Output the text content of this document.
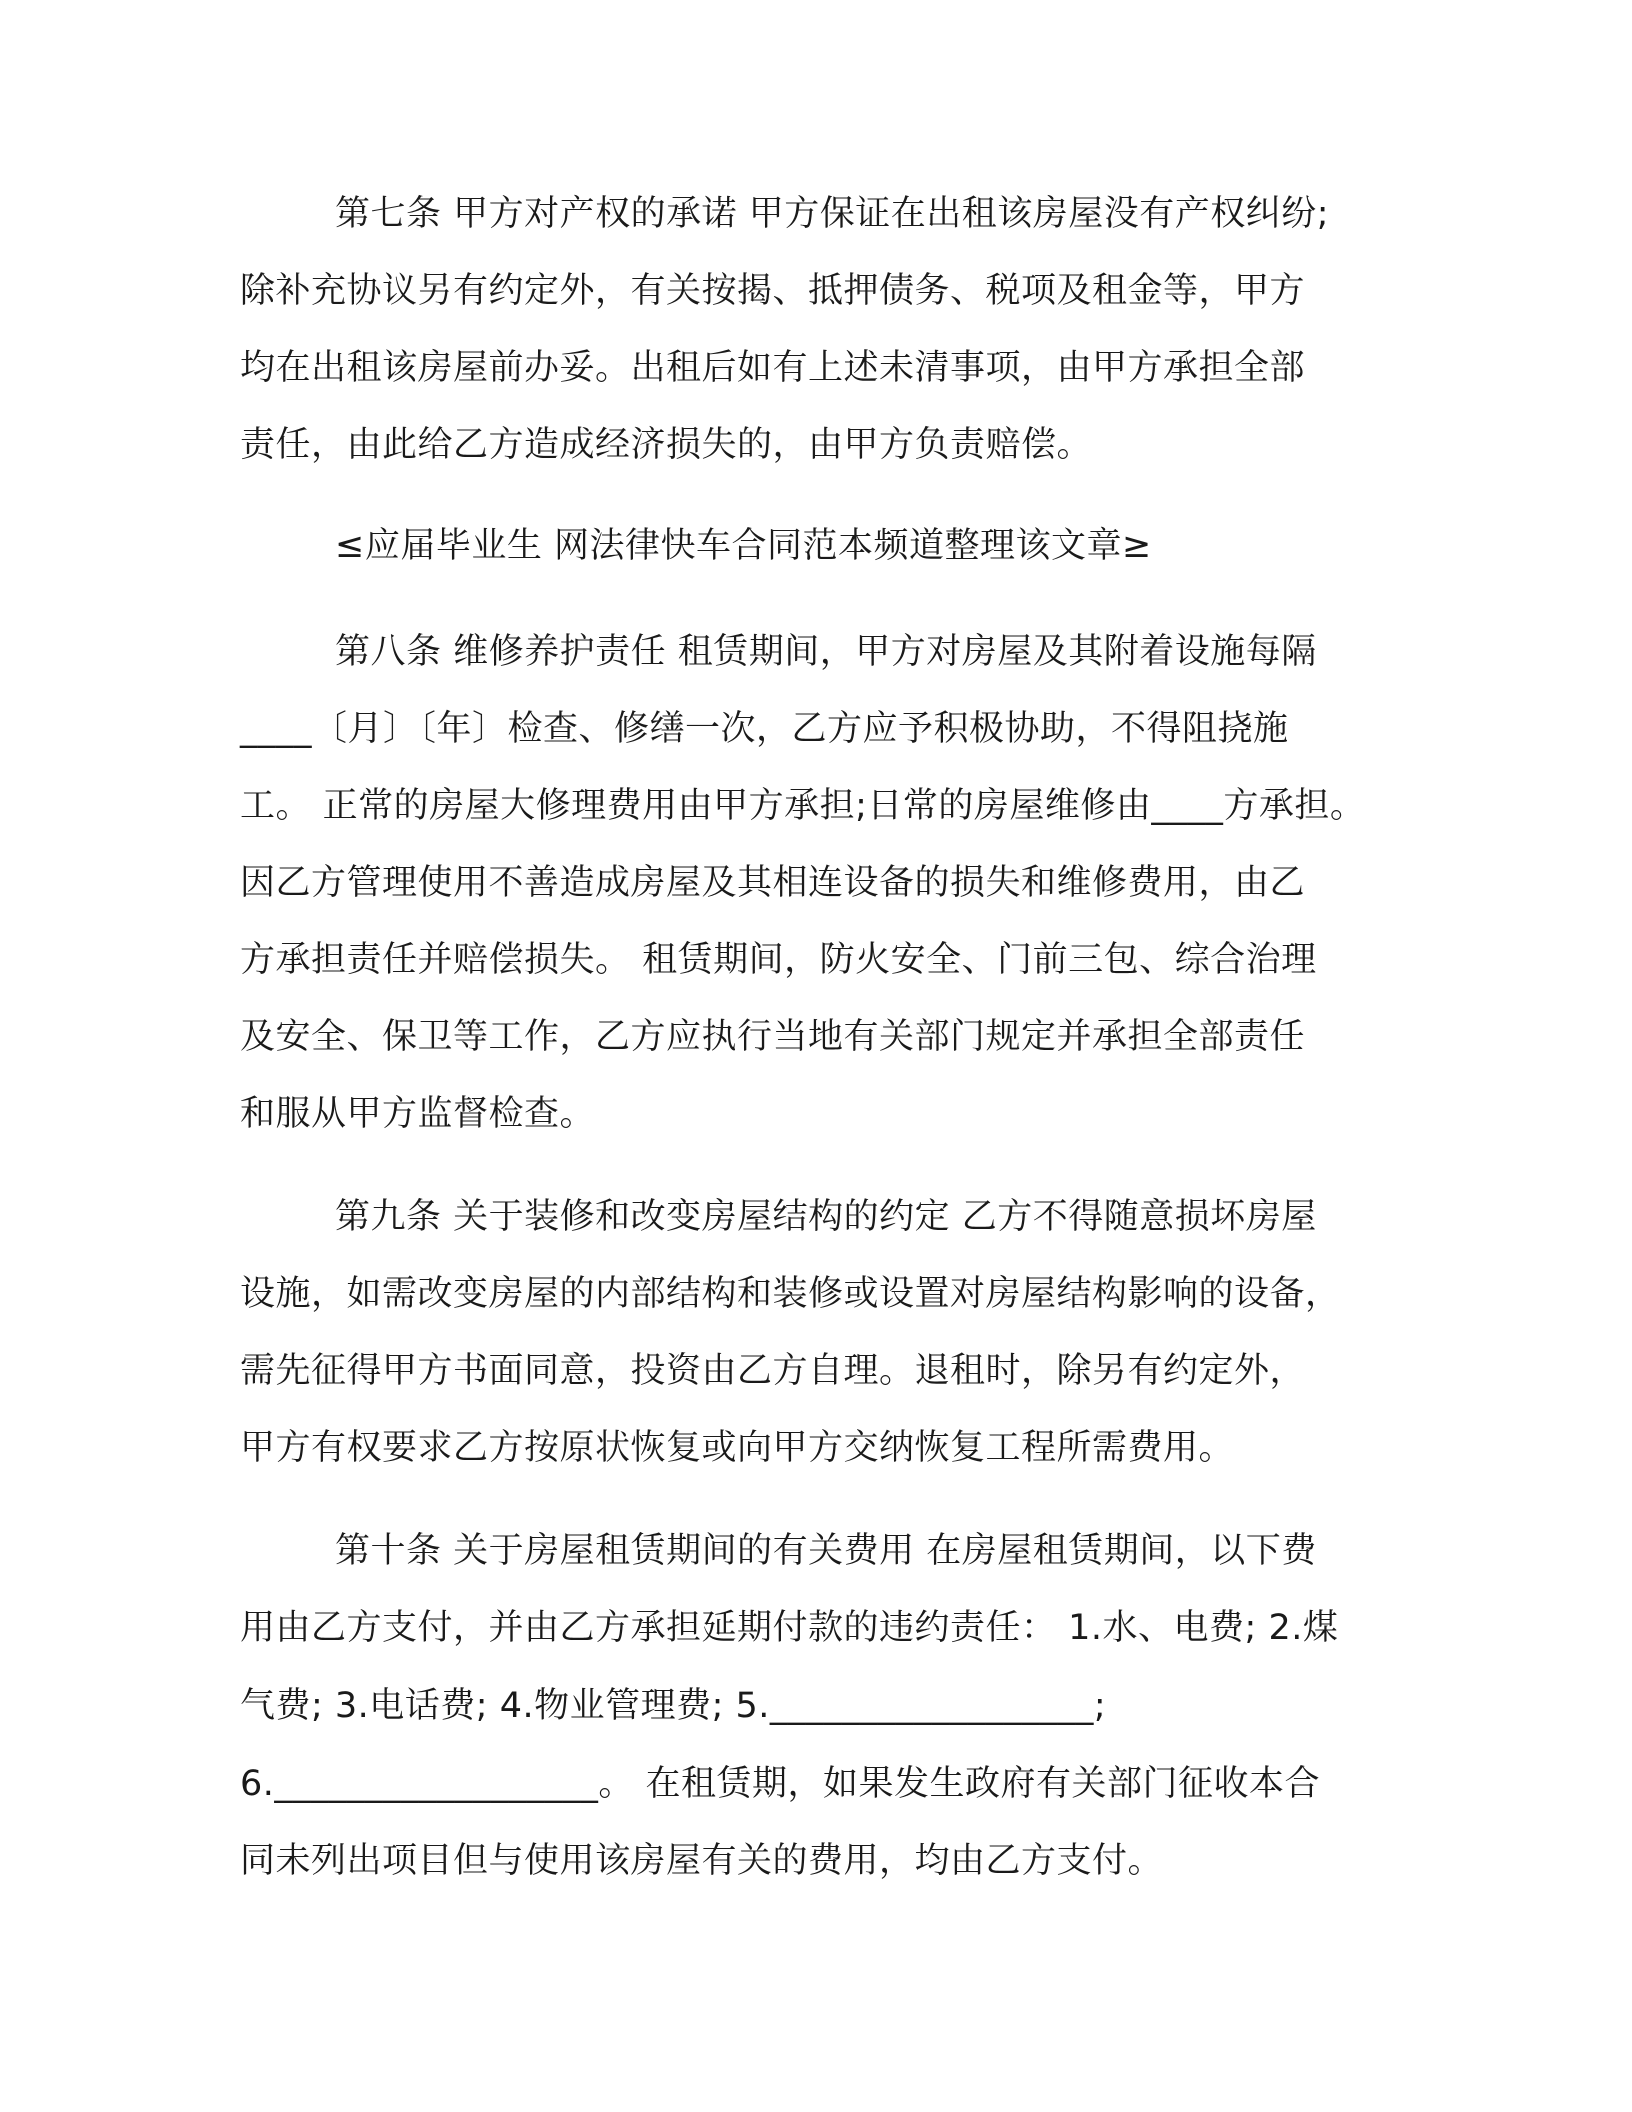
第七条 甲方对产权的承诺 甲方保证在出租该房屋没有产权纠纷;
除补充协议另有约定外，有关按揭、抵押债务、税项及租金等，甲方
均在出租该房屋前办妥。出租后如有上述未清事项，由甲方承担全部
责任，由此给乙方造成经济损失的，由甲方负责赔偿。
≤应届毕业生 网法律快车合同范本频道整理该文章≥
第八条 维修养护责任 租赁期间，甲方对房屋及其附着设施每隔
____〔月〕〔年〕检查、修缮一次，乙方应予积极协助，不得阻挠施
工。 正常的房屋大修理费用由甲方承担;日常的房屋维修由____方承担。
因乙方管理使用不善造成房屋及其相连设备的损失和维修费用，由乙
方承担责任并赔偿损失。 租赁期间，防火安全、门前三包、综合治理
及安全、保卫等工作，乙方应执行当地有关部门规定并承担全部责任
和服从甲方监督检查。
第九条 关于装修和改变房屋结构的约定 乙方不得随意损坏房屋
设施，如需改变房屋的内部结构和装修或设置对房屋结构影响的设备，
需先征得甲方书面同意，投资由乙方自理。退租时，除另有约定外，
甲方有权要求乙方按原状恢复或向甲方交纳恢复工程所需费用。
第十条 关于房屋租赁期间的有关费用 在房屋租赁期间，以下费
用由乙方支付，并由乙方承担延期付款的违约责任： 1.水、电费; 2.煤
气费; 3.电话费; 4.物业管理费; 5.__________________;
6.__________________。 在租赁期，如果发生政府有关部门征收本合
同未列出项目但与使用该房屋有关的费用，均由乙方支付。
